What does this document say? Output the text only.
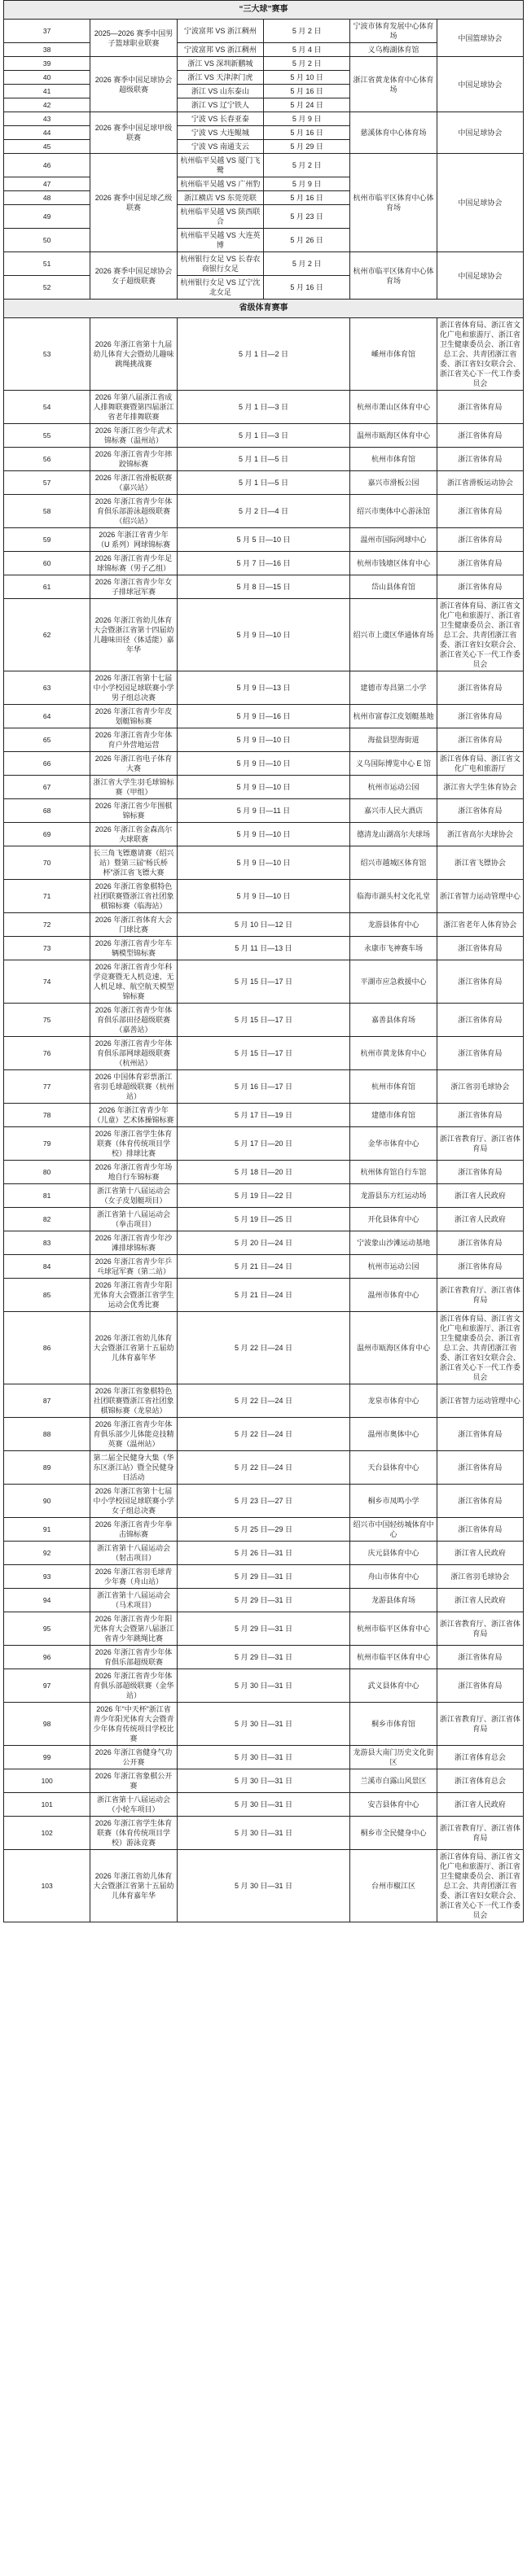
“三大球”赛事					
37	2025—2026 赛季中国男子篮球职业联赛	宁波富邦 VS 浙江稠州	5 月 2 日	宁波市体育发展中心体育场	中国篮球协会
38		宁波富邦 VS 浙江稠州	5 月 4 日	义乌梅湖体育馆	
39	2026 赛季中国足球协会超级联赛	浙江 VS 深圳新鹏城	5 月 2 日	浙江省黄龙体育中心体育场	中国足球协会
40		浙江 VS 天津津门虎	5 月 10 日		
41		浙江 VS 山东泰山	5 月 16 日		
42		浙江 VS 辽宁铁人	5 月 24 日		
43	2026 赛季中国足球甲级联赛	宁波 VS 长春亚泰	5 月 9 日	慈溪体育中心体育场	中国足球协会
44		宁波 VS 大连鲲城	5 月 16 日		
45		宁波 VS 南通支云	5 月 29 日		
46	2026 赛季中国足球乙级联赛	杭州临平吴越 VS 厦门飞鹭	5 月 2 日	杭州市临平区体育中心体育场	中国足球协会
47		杭州临平吴越 VS 广州豹	5 月 9 日		
48		浙江横店 VS 东莞莞联	5 月 16 日		
49		杭州临平吴越 VS 陕西联合	5 月 23 日		
50		杭州临平吴越 VS 大连英博	5 月 26 日		
51	2026 赛季中国足球协会女子超级联赛	杭州银行女足 VS 长春农商银行女足	5 月 2 日	杭州市临平区体育中心体育场	中国足球协会
52		杭州银行女足 VS 辽宁沈北女足	5 月 16 日		
省级体育赛事					
53	2026 年浙江省第十九届幼儿体育大会暨幼儿趣味跳绳挑战赛	5 月 1 日—2 日		嵊州市体育馆	浙江省体育局、浙江省文化广电和旅游厅、浙江省卫生健康委员会、浙江省总工会、共青团浙江省委、浙江省妇女联合会、浙江省关心下一代工作委员会
54	2026 年第八届浙江省成人排舞联赛暨第四届浙江省老年排舞联赛	5 月 1 日—3 日		杭州市萧山区体育中心	浙江省体育局
55	2026 年浙江省少年武术锦标赛（温州站）	5 月 1 日—3 日		温州市瓯海区体育中心	浙江省体育局
56	2026 年浙江省青少年摔跤锦标赛	5 月 1 日—5 日		杭州市体育馆	浙江省体育局
57	2026 年浙江省滑板联赛（嘉兴站）	5 月 1 日—5 日		嘉兴市滑板公园	浙江省滑板运动协会
58	2026 年浙江省青少年体育俱乐部游泳超级联赛（绍兴站）	5 月 2 日—4 日		绍兴市奥体中心游泳馆	浙江省体育局
59	2026 年浙江省青少年（U 系列）网球锦标赛	5 月 5 日—10 日		温州市国际网球中心	浙江省体育局
60	2026 年浙江省青少年足球锦标赛（男子乙组）	5 月 7 日—16 日		杭州市钱塘区体育中心	浙江省体育局
61	2026 年浙江省青少年女子排球冠军赛	5 月 8 日—15 日		岱山县体育馆	浙江省体育局
62	2026 年浙江省幼儿体育大会暨浙江省第十四届幼儿趣味田径（体适能）嘉年华	5 月 9 日—10 日		绍兴市上虞区华通体育场	浙江省体育局、浙江省文化广电和旅游厅、浙江省卫生健康委员会、浙江省总工会、共青团浙江省委、浙江省妇女联合会、浙江省关心下一代工作委员会
63	2026 年浙江省第十七届中小学校园足球联赛小学男子组总决赛	5 月 9 日—13 日		建德市寿昌第二小学	浙江省体育局
64	2026 年浙江省青少年皮划艇锦标赛	5 月 9 日—16 日		杭州市富春江皮划艇基地	浙江省体育局
65	2026 年浙江省青少年体育户外营地运营	5 月 9 日—10 日		海盐县望海街道	浙江省体育局
66	2026 年浙江省电子体育大赛	5 月 9 日—10 日		义乌国际博览中心 E 馆	浙江省体育局、浙江省文化广电和旅游厅
67	浙江省大学生羽毛球锦标赛（甲组）	5 月 9 日—10 日		杭州市运动公园	浙江省大学生体育协会
68	2026 年浙江省少年围棋锦标赛	5 月 9 日—11 日		嘉兴市人民大酒店	浙江省体育局
69	2026 年浙江省金森高尔夫球联赛	5 月 9 日—10 日		德清龙山湖高尔夫球场	浙江省高尔夫球协会
70	长三角飞镖邀请赛（绍兴站）暨第三届“杨氏桥杯”浙江省飞镖大赛	5 月 9 日—10 日		绍兴市越城区体育馆	浙江省飞镖协会
71	2026 年浙江省象棋特色社团联赛暨浙江省社团象棋锦标赛（临海站）	5 月 9 日—10 日		临海市湖头村文化礼堂	浙江省智力运动管理中心
72	2026 年浙江省体育大会门球比赛	5 月 10 日—12 日		龙游县体育中心	浙江省老年人体育协会
73	2026 年浙江省青少年车辆模型锦标赛	5 月 11 日—13 日		永康市飞神赛车场	浙江省体育局
74	2026 年浙江省青少年科学竞赛暨无人机竞速、无人机足球、航空航天模型锦标赛	5 月 15 日—17 日		平湖市应急救援中心	浙江省体育局
75	2026 年浙江省青少年体育俱乐部田径超级联赛（嘉善站）	5 月 15 日—17 日		嘉善县体育场	浙江省体育局
76	2026 年浙江省青少年体育俱乐部网球超级联赛（杭州站）	5 月 15 日—17 日		杭州市黄龙体育中心	浙江省体育局
77	2026 中国体育彩票浙江省羽毛球超级联赛（杭州站）	5 月 16 日—17 日		杭州市体育馆	浙江省羽毛球协会
78	2026 年浙江省青少年（儿童）艺术体操锦标赛	5 月 17 日—19 日		建德市体育馆	浙江省体育局
79	2026 年浙江省学生体育联赛（体育传统项目学校）排球比赛	5 月 17 日—20 日		金华市体育中心	浙江省教育厅、浙江省体育局
80	2026 年浙江省青少年场地自行车锦标赛	5 月 18 日—20 日		杭州体育馆自行车馆	浙江省体育局
81	浙江省第十八届运动会（女子皮划艇项目）	5 月 19 日—22 日		龙游县东方红运动场	浙江省人民政府
82	浙江省第十八届运动会（拳击项目）	5 月 19 日—25 日		开化县体育中心	浙江省人民政府
83	2026 年浙江省青少年沙滩排球锦标赛	5 月 20 日—24 日		宁波象山沙滩运动基地	浙江省体育局
84	2026 年浙江省青少年乒乓球冠军赛（第二站）	5 月 21 日—24 日		杭州市运动公园	浙江省体育局
85	2026 年浙江省青少年阳光体育大会暨浙江省学生运动会优秀比赛	5 月 21 日—24 日		温州市体育中心	浙江省教育厅、浙江省体育局
86	2026 年浙江省幼儿体育大会暨浙江省第十五届幼儿体育嘉年华	5 月 22 日—24 日		温州市瓯海区体育中心	浙江省体育局、浙江省文化广电和旅游厅、浙江省卫生健康委员会、浙江省总工会、共青团浙江省委、浙江省妇女联合会、浙江省关心下一代工作委员会
87	2026 年浙江省象棋特色社团联赛暨浙江省社团象棋锦标赛（龙泉站）	5 月 22 日—24 日		龙泉市体育中心	浙江省智力运动管理中心
88	2026 年浙江省青少年体育俱乐部少儿体能竞技精英赛（温州站）	5 月 22 日—24 日		温州市奥体中心	浙江省体育局
89	第二届全民健身大集（华东区浙江站）暨全民健身日活动	5 月 22 日—24 日		天台县体育中心	浙江省体育局
90	2026 年浙江省第十七届中小学校园足球联赛小学女子组总决赛	5 月 23 日—27 日		桐乡市凤鸣小学	浙江省体育局
91	2026 年浙江省青少年拳击锦标赛	5 月 25 日—29 日		绍兴市中国轻纺城体育中心	浙江省体育局
92	浙江省第十八届运动会（射击项目）	5 月 26 日—31 日		庆元县体育中心	浙江省人民政府
93	2026 年浙江省羽毛球青少年赛（舟山站）	5 月 29 日—31 日		舟山市体育中心	浙江省羽毛球协会
94	浙江省第十八届运动会（马术项目）	5 月 29 日—31 日		龙游县体育场	浙江省人民政府
95	2026 年浙江省青少年阳光体育大会暨第八届浙江省青少年跳绳比赛	5 月 29 日—31 日		杭州市临平区体育中心	浙江省教育厅、浙江省体育局
96	2026 年浙江省青少年体育俱乐部超级联赛	5 月 29 日—31 日		杭州市临平区体育中心	浙江省体育局
97	2026 年浙江省青少年体育俱乐部超级联赛（金华站）	5 月 30 日—31 日		武义县体育中心	浙江省体育局
98	2026 年“中天杯”浙江省青少年阳光体育大会暨青少年体育传统项目学校比赛	5 月 30 日—31 日		桐乡市体育馆	浙江省教育厅、浙江省体育局
99	2026 年浙江省健身气功公开赛	5 月 30 日—31 日		龙游县大南门历史文化街区	浙江省体育总会
100	2026 年浙江省象棋公开赛	5 月 30 日—31 日		兰溪市白露山风景区	浙江省体育总会
101	浙江省第十八届运动会（小轮车项目）	5 月 30 日—31 日		安吉县体育中心	浙江省人民政府
102	2026 年浙江省学生体育联赛（体育传统项目学校）游泳竞赛	5 月 30 日—31 日		桐乡市全民健身中心	浙江省教育厅、浙江省体育局
103	2026 年浙江省幼儿体育大会暨浙江省第十五届幼儿体育嘉年华	5 月 30 日—31 日		台州市椒江区	浙江省体育局、浙江省文化广电和旅游厅、浙江省卫生健康委员会、浙江省总工会、共青团浙江省委、浙江省妇女联合会、浙江省关心下一代工作委员会
